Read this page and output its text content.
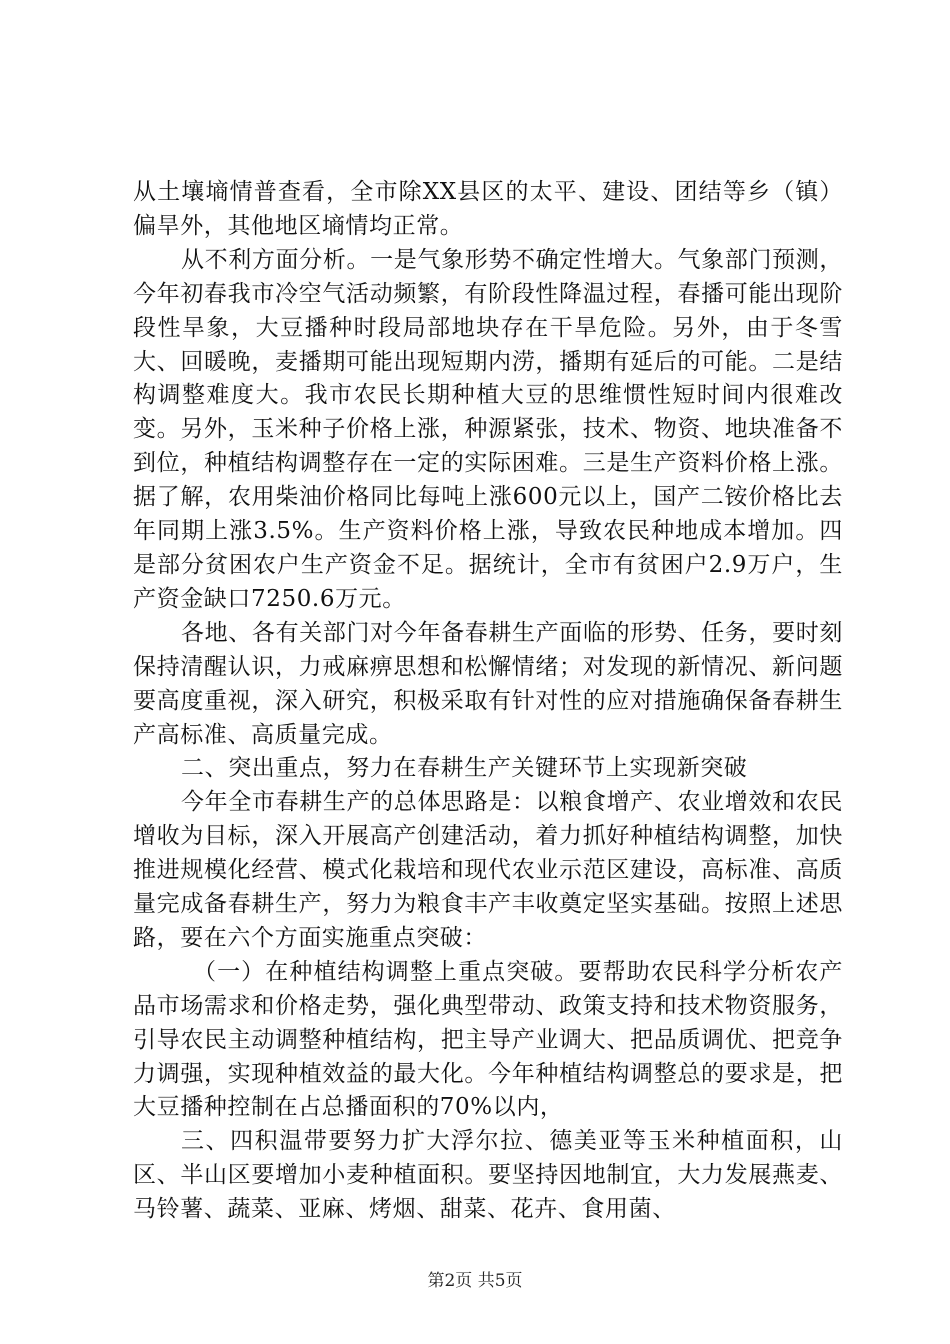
从土壤墒情普查看，全市除XX县区的太平、建设、团结等乡（镇）偏旱外，其他地区墒情均正常。

从不利方面分析。一是气象形势不确定性增大。气象部门预测，今年初春我市冷空气活动频繁，有阶段性降温过程，春播可能出现阶段性旱象，大豆播种时段局部地块存在干旱危险。另外，由于冬雪大、回暖晚，麦播期可能出现短期内涝，播期有延后的可能。二是结构调整难度大。我市农民长期种植大豆的思维惯性短时间内很难改变。另外，玉米种子价格上涨，种源紧张，技术、物资、地块准备不到位，种植结构调整存在一定的实际困难。三是生产资料价格上涨。据了解，农用柴油价格同比每吨上涨600元以上，国产二铵价格比去年同期上涨3.5%。生产资料价格上涨，导致农民种地成本增加。四是部分贫困农户生产资金不足。据统计，全市有贫困户2.9万户，生产资金缺口7250.6万元。

各地、各有关部门对今年备春耕生产面临的形势、任务，要时刻保持清醒认识，力戒麻痹思想和松懈情绪；对发现的新情况、新问题要高度重视，深入研究，积极采取有针对性的应对措施确保备春耕生产高标准、高质量完成。

二、突出重点，努力在春耕生产关键环节上实现新突破

今年全市春耕生产的总体思路是：以粮食增产、农业增效和农民增收为目标，深入开展高产创建活动，着力抓好种植结构调整，加快推进规模化经营、模式化栽培和现代农业示范区建设，高标准、高质量完成备春耕生产，努力为粮食丰产丰收奠定坚实基础。按照上述思路，要在六个方面实施重点突破：

（一）在种植结构调整上重点突破。要帮助农民科学分析农产品市场需求和价格走势，强化典型带动、政策支持和技术物资服务，引导农民主动调整种植结构，把主导产业调大、把品质调优、把竞争力调强，实现种植效益的最大化。今年种植结构调整总的要求是，把大豆播种控制在占总播面积的70%以内，

三、四积温带要努力扩大浮尔拉、德美亚等玉米种植面积，山区、半山区要增加小麦种植面积。要坚持因地制宜，大力发展燕麦、马铃薯、蔬菜、亚麻、烤烟、甜菜、花卉、食用菌、

第2页 共5页
